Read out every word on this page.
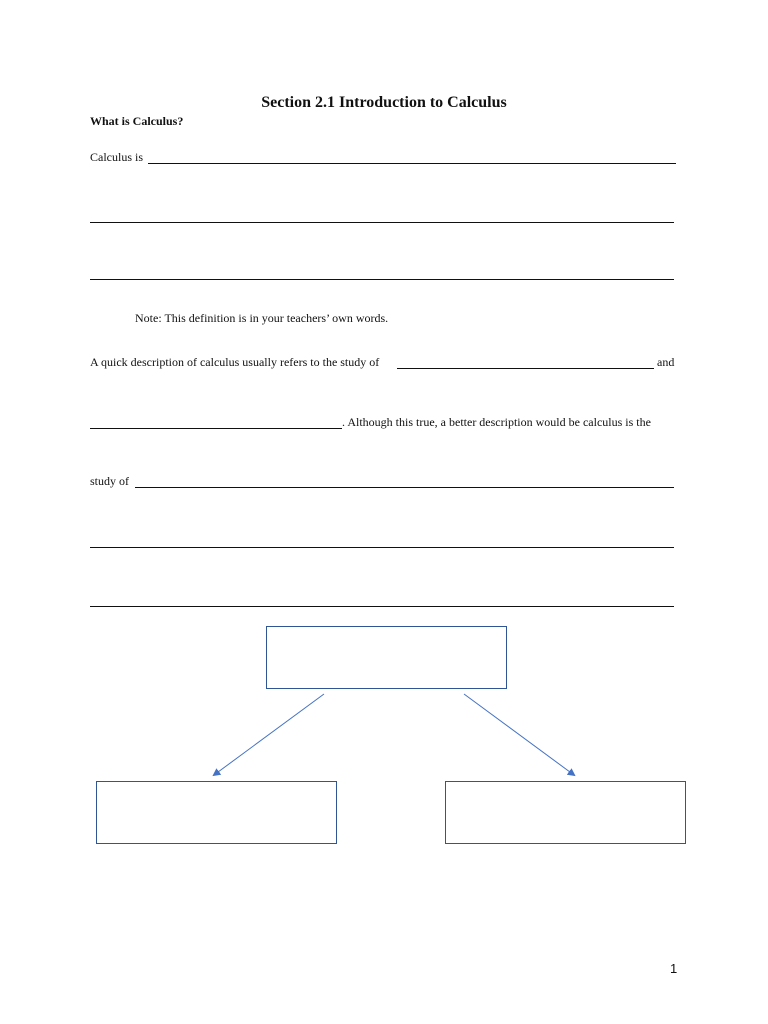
Section 2.1 Introduction to Calculus
What is Calculus?
Calculus is
Note: This definition is in your teachers’ own words.
A quick description of calculus usually refers to the study of	and
. Although this true, a better description would be calculus is the
study of
1
